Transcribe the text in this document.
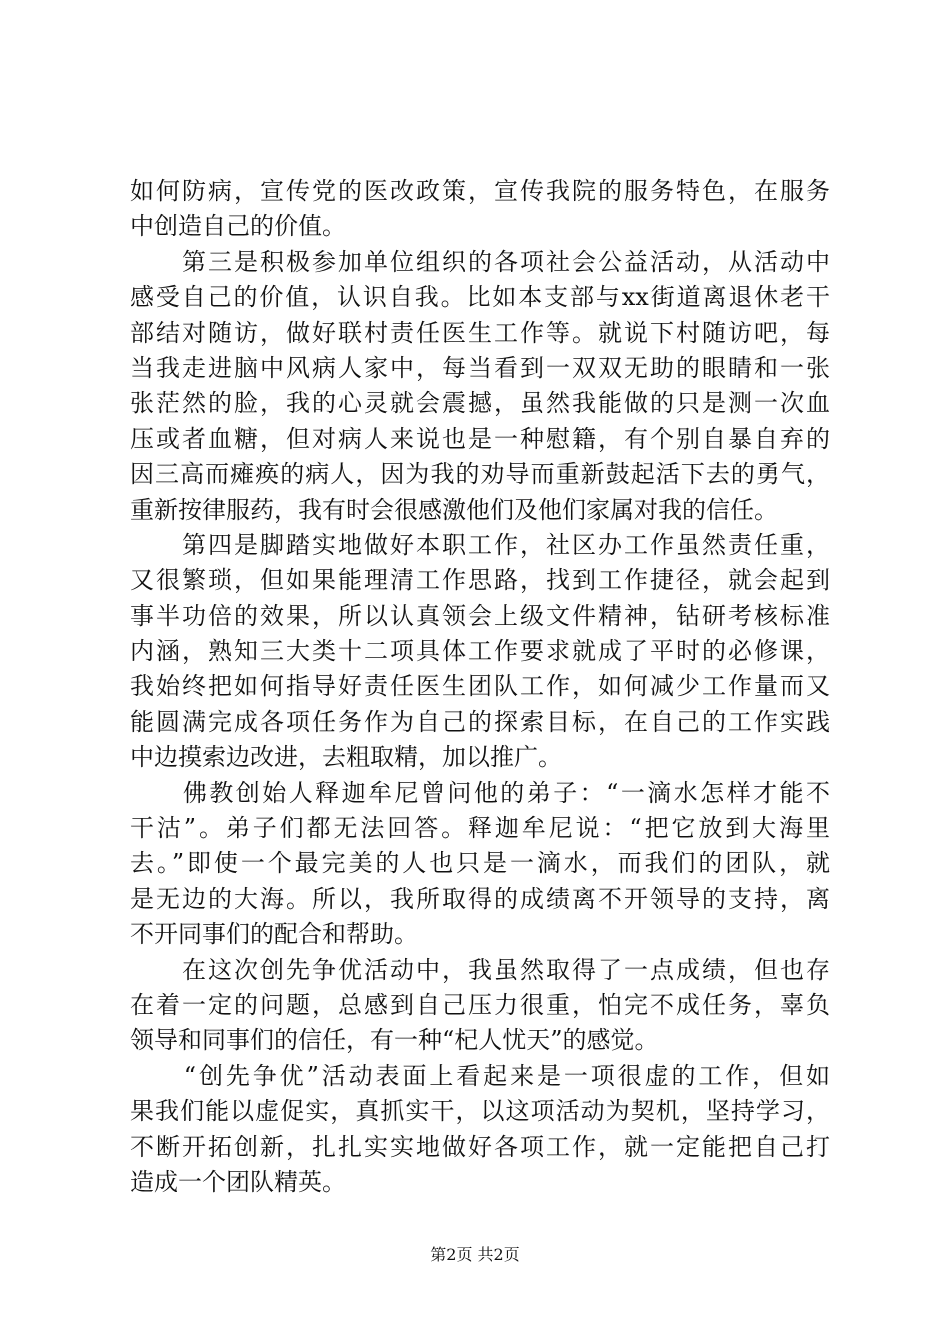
如何防病，宣传党的医改政策，宣传我院的服务特色，在服务
中创造自己的价值。
　　第三是积极参加单位组织的各项社会公益活动，从活动中
感受自己的价值，认识自我。比如本支部与xx街道离退休老干
部结对随访，做好联村责任医生工作等。就说下村随访吧，每
当我走进脑中风病人家中，每当看到一双双无助的眼睛和一张
张茫然的脸，我的心灵就会震撼，虽然我能做的只是测一次血
压或者血糖，但对病人来说也是一种慰籍，有个别自暴自弃的
因三高而瘫痪的病人，因为我的劝导而重新鼓起活下去的勇气，
重新按律服药，我有时会很感激他们及他们家属对我的信任。
　　第四是脚踏实地做好本职工作，社区办工作虽然责任重，
又很繁琐，但如果能理清工作思路，找到工作捷径，就会起到
事半功倍的效果，所以认真领会上级文件精神，钻研考核标准
内涵，熟知三大类十二项具体工作要求就成了平时的必修课，
我始终把如何指导好责任医生团队工作，如何减少工作量而又
能圆满完成各项任务作为自己的探索目标，在自己的工作实践
中边摸索边改进，去粗取精，加以推广。
　　佛教创始人释迦牟尼曾问他的弟子：“一滴水怎样才能不
干沽”。弟子们都无法回答。释迦牟尼说：“把它放到大海里
去。”即使一个最完美的人也只是一滴水，而我们的团队，就
是无边的大海。所以，我所取得的成绩离不开领导的支持，离
不开同事们的配合和帮助。
　　在这次创先争优活动中，我虽然取得了一点成绩，但也存
在着一定的问题，总感到自己压力很重，怕完不成任务，辜负
领导和同事们的信任，有一种“杞人忧天”的感觉。
　　“创先争优”活动表面上看起来是一项很虚的工作，但如
果我们能以虚促实，真抓实干，以这项活动为契机，坚持学习，
不断开拓创新，扎扎实实地做好各项工作，就一定能把自己打
造成一个团队精英。
第2页 共2页
